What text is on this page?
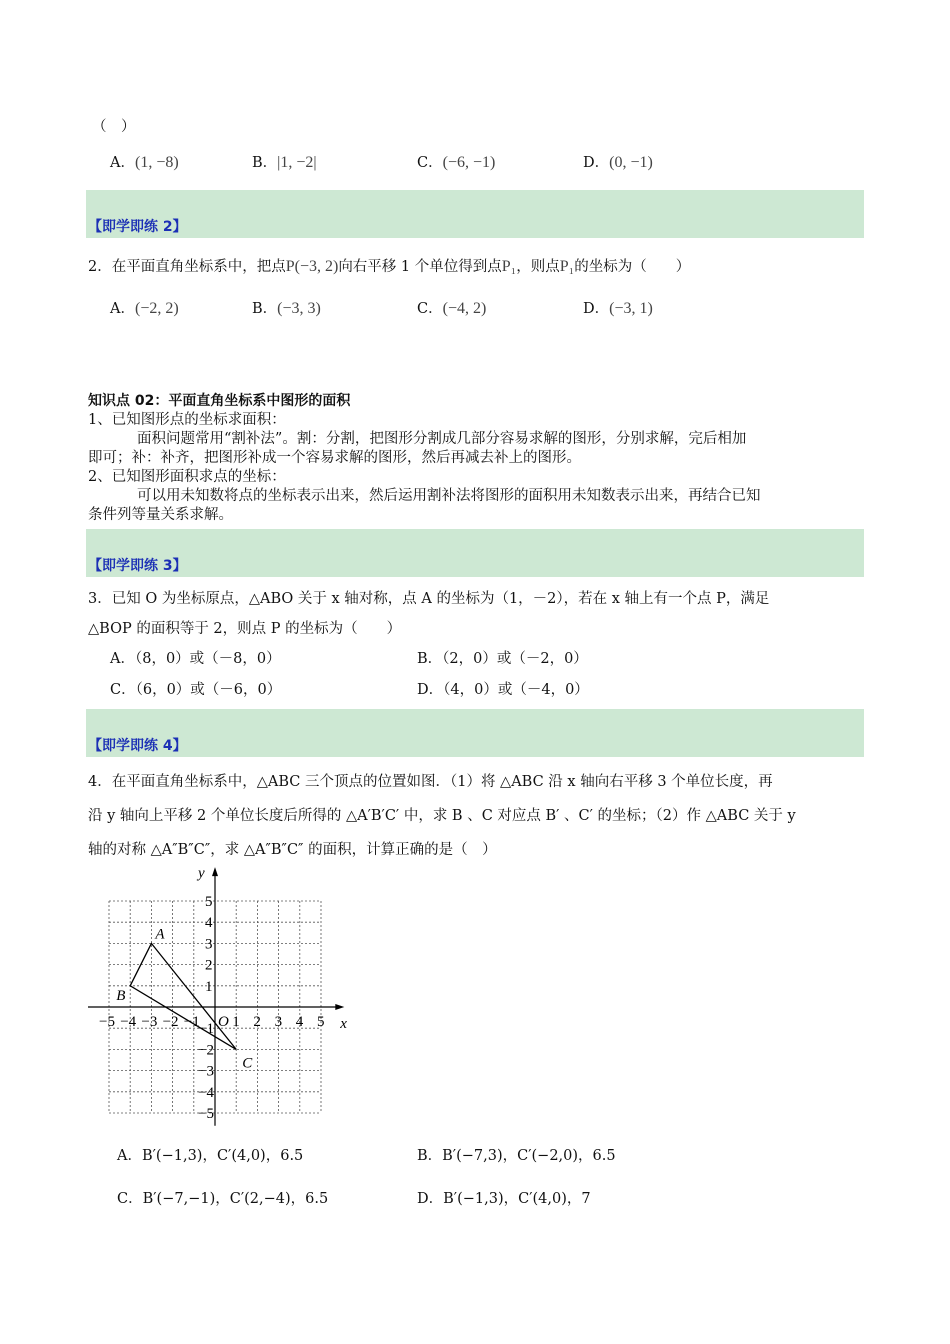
（　）
A．(1, −8)	B．|1, −2|	C．(−6, −1)	D．(0, −1)
【即学即练 2】
2．在平面直角坐标系中，把点P(−3, 2)向右平移 1 个单位得到点P₁，则点P₁的坐标为（　　）
A．(−2, 2)	B．(−3, 3)	C．(−4, 2)	D．(−3, 1)
知识点 02：平面直角坐标系中图形的面积
1、已知图形点的坐标求面积：
面积问题常用“割补法”。割：分割，把图形分割成几部分容易求解的图形，分别求解，完后相加
即可；补：补齐，把图形补成一个容易求解的图形，然后再减去补上的图形。
2、已知图形面积求点的坐标：
可以用未知数将点的坐标表示出来，然后运用割补法将图形的面积用未知数表示出来，再结合已知
条件列等量关系求解。
【即学即练 3】
3．已知 O 为坐标原点，△ABO 关于 x 轴对称，点 A 的坐标为（1，－2），若在 x 轴上有一个点 P，满足
△BOP 的面积等于 2，则点 P 的坐标为（　　）
A．（8，0）或（－8，0）	B．（2，0）或（－2，0）
C．（6，0）或（－6，0）	D．（4，0）或（－4，0）
【即学即练 4】
4．在平面直角坐标系中，△ABC 三个顶点的位置如图．（1）将 △ABC 沿 x 轴向右平移 3 个单位长度，再
沿 y 轴向上平移 2 个单位长度后所得的 △A′B′C′ 中，求 B 、C 对应点 B′ 、C′ 的坐标；（2）作 △ABC 关于 y
轴的对称 △A″B″C″，求 △A″B″C″ 的面积，计算正确的是（　）
x
y
O
−5
−5
−4
−4
−3
−3
−2
−2
−1
−1 1
1
2
2
3
3
4
4
5
5
A
B
C
A．B′(−1,3)，C′(4,0)，6.5	B．B′(−7,3)，C′(−2,0)，6.5
C．B′(−7,−1)，C′(2,−4)，6.5	D．B′(−1,3)，C′(4,0)，7
